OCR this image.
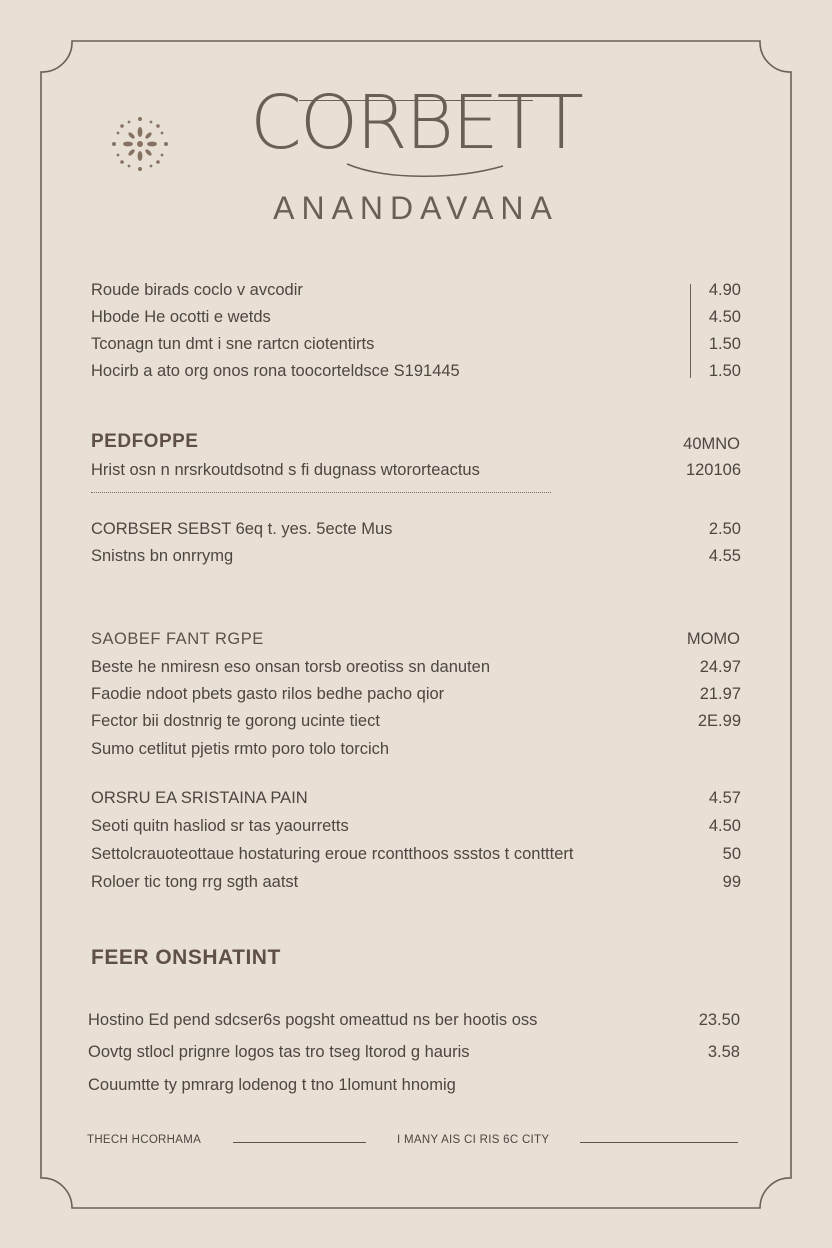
CORBETT
ANANDAVANA
Roude birads coclo v avcodir	4.90
Hbode He ocotti e wetds	4.50
Tconagn tun dmt i sne rartcn ciotentirts	1.50
Hocirb a ato org onos rona toocorteldsce S191445	1.50
PEDFOPPE	40MNO
Hrist osn n nrsrkoutdsotnd s fi dugnass wtororteactus	120106
CORBSER SEBST 6eq t. yes. 5ecte Mus	2.50
Snistns bn onrrymg	4.55
SAOBEF FANT RGPE	MOMO
Beste he nmiresn eso onsan torsb oreotiss sn danuten	24.97
Faodie ndoot pbets gasto rilos bedhe pacho qior	21.97
Fector bii dostnrig te gorong ucinte tiect	2E.99
Sumo cetlitut pjetis rmto poro tolo torcich
ORSRU EA SRISTAINA PAIN	4.57
Seoti quitn hasliod sr tas yaourretts	4.50
Settolcrauoteottaue hostaturing eroue rcontthoos ssstos t contttert	50
Roloer tic tong rrg sgth aatst	99
FEER ONSHATINT
Hostino Ed pend sdcser6s pogsht omeattud ns ber hootis oss	23.50
Oovtg stlocl prignre logos tas tro tseg ltorod g hauris	3.58
Couumtte ty pmrarg lodenog t tno 1lomunt hnomig
THECH HCORHAMA	I MANY AIS CI RIS 6C CITY
